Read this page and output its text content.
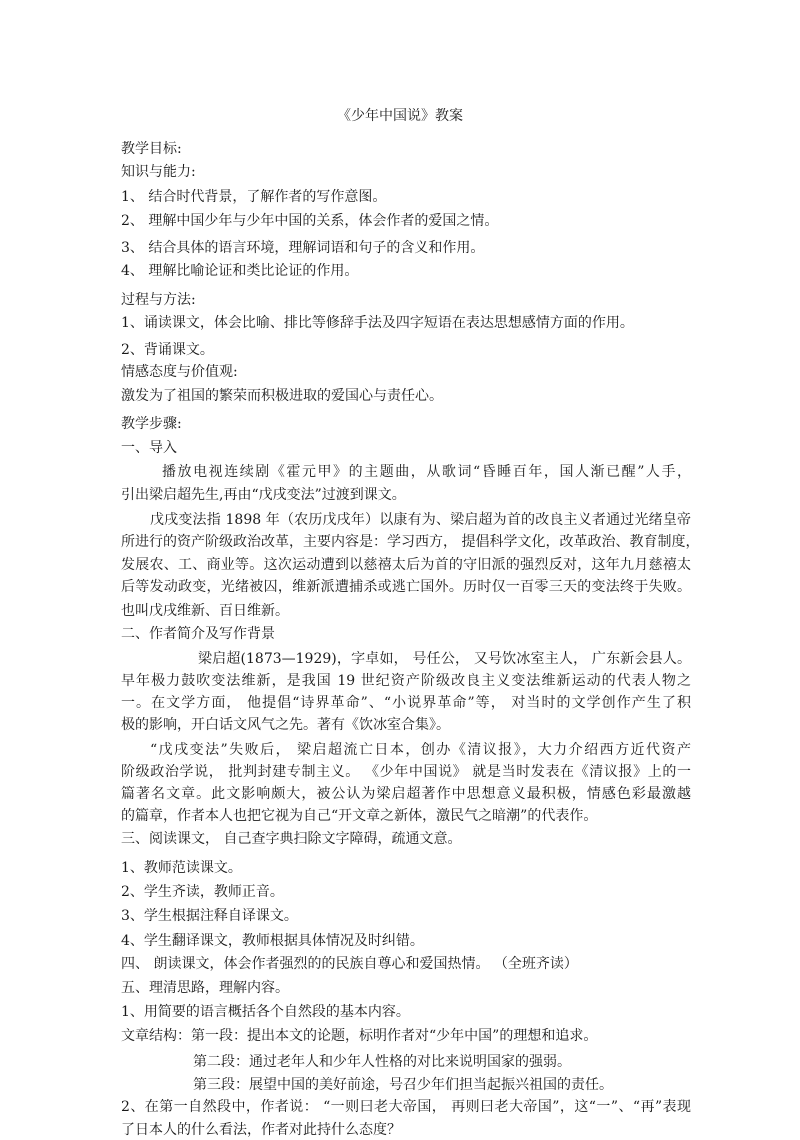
《少年中国说》教案
教学目标:
知识与能力:
1、 结合时代背景，了解作者的写作意图。
2、 理解中国少年与少年中国的关系，体会作者的爱国之情。
3、 结合具体的语言环境，理解词语和句子的含义和作用。
4、 理解比喻论证和类比论证的作用。
过程与方法:
1、诵读课文，体会比喻、排比等修辞手法及四字短语在表达思想感情方面的作用。
2、背诵课文。
情感态度与价值观:
激发为了祖国的繁荣而积极进取的爱国心与责任心。
教学步骤:
一、导入
播放电视连续剧《霍元甲》的主题曲，从歌词“昏睡百年，国人渐已醒”人手，
引出梁启超先生,再由“戊戌变法”过渡到课文。
戊戌变法指 1898 年（农历戊戌年）以康有为、梁启超为首的改良主义者通过光绪皇帝
所进行的资产阶级政治改革，主要内容是：学习西方， 提倡科学文化，改革政治、教育制度，
发展农、工、商业等。这次运动遭到以慈禧太后为首的守旧派的强烈反对，这年九月慈禧太
后等发动政变，光绪被囚，维新派遭捕杀或逃亡国外。历时仅一百零三天的变法终于失败。
也叫戊戌维新、百日维新。
二、作者简介及写作背景
梁启超(1873—1929)，字卓如， 号任公， 又号饮冰室主人， 广东新会县人。
早年极力鼓吹变法维新，是我国 19 世纪资产阶级改良主义变法维新运动的代表人物之
一。在文学方面， 他提倡“诗界革命”、“小说界革命”等， 对当时的文学创作产生了积
极的影响，开白话文风气之先。著有《饮冰室合集》。
“戊戌变法”失败后， 梁启超流亡日本，创办《清议报》，大力介绍西方近代资产
阶级政治学说， 批判封建专制主义。 《少年中国说》 就是当时发表在《清议报》上的一
篇著名文章。此文影响颇大，被公认为梁启超著作中思想意义最积极，情感色彩最激越
的篇章，作者本人也把它视为自己“开文章之新体，激民气之暗潮”的代表作。
三、阅读课文， 自己查字典扫除文字障碍，疏通文意。
1、教师范读课文。
2、学生齐读，教师正音。
3、学生根据注释自译课文。
4、学生翻译课文，教师根据具体情况及时纠错。
四、 朗读课文，体会作者强烈的的民族自尊心和爱国热情。 （全班齐读）
五、理清思路，理解内容。
1、用简要的语言概括各个自然段的基本内容。
文章结构：第一段：提出本文的论题，标明作者对“少年中国”的理想和追求。
第二段：通过老年人和少年人性格的对比来说明国家的强弱。
第三段：展望中国的美好前途，号召少年们担当起振兴祖国的责任。
2、在第一自然段中，作者说： “一则曰老大帝国， 再则曰老大帝国”，这“一”、“再”表现
了日本人的什么看法，作者对此持什么态度？
